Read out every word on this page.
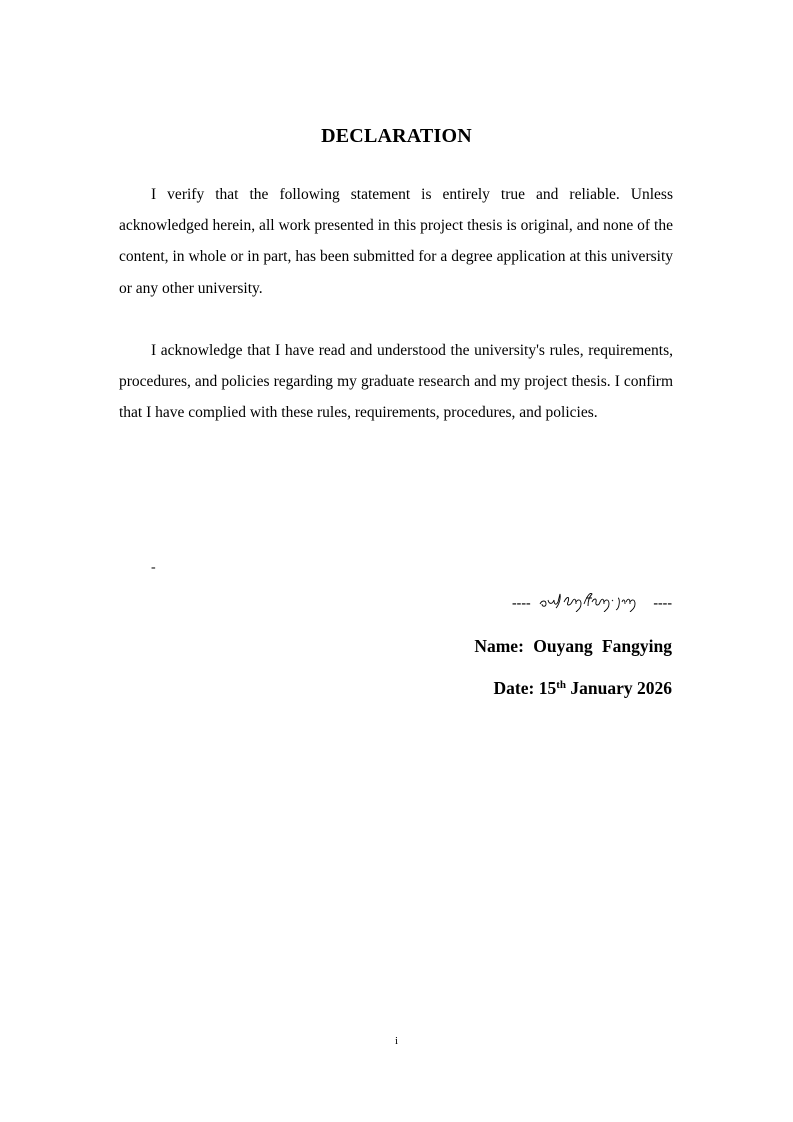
DECLARATION

I verify that the following statement is entirely true and reliable. Unless acknowledged herein, all work presented in this project thesis is original, and none of the content, in whole or in part, has been submitted for a degree application at this university or any other university.

I acknowledge that I have read and understood the university's rules, requirements, procedures, and policies regarding my graduate research and my project thesis. I confirm that I have complied with these rules, requirements, procedures, and policies.

-
----	----
Name: Ouyang Fangying
Date: 15th January 2026
i
